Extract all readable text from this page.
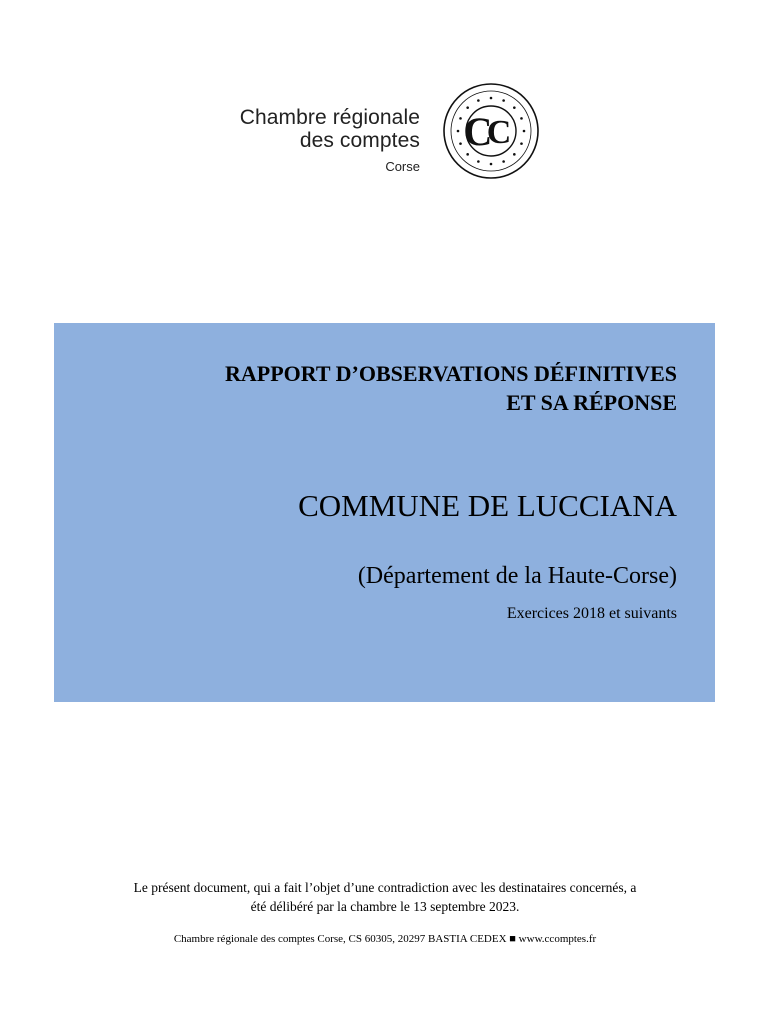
Chambre régionale
des comptes
Corse
C
C
RAPPORT D’OBSERVATIONS DÉFINITIVES
ET SA RÉPONSE
COMMUNE DE LUCCIANA
(Département de la Haute-Corse)
Exercices 2018 et suivants
Le présent document, qui a fait l’objet d’une contradiction avec les destinataires concernés, a
été délibéré par la chambre le 13 septembre 2023.
Chambre régionale des comptes Corse, CS 60305, 20297 BASTIA CEDEX ■ www.ccomptes.fr
